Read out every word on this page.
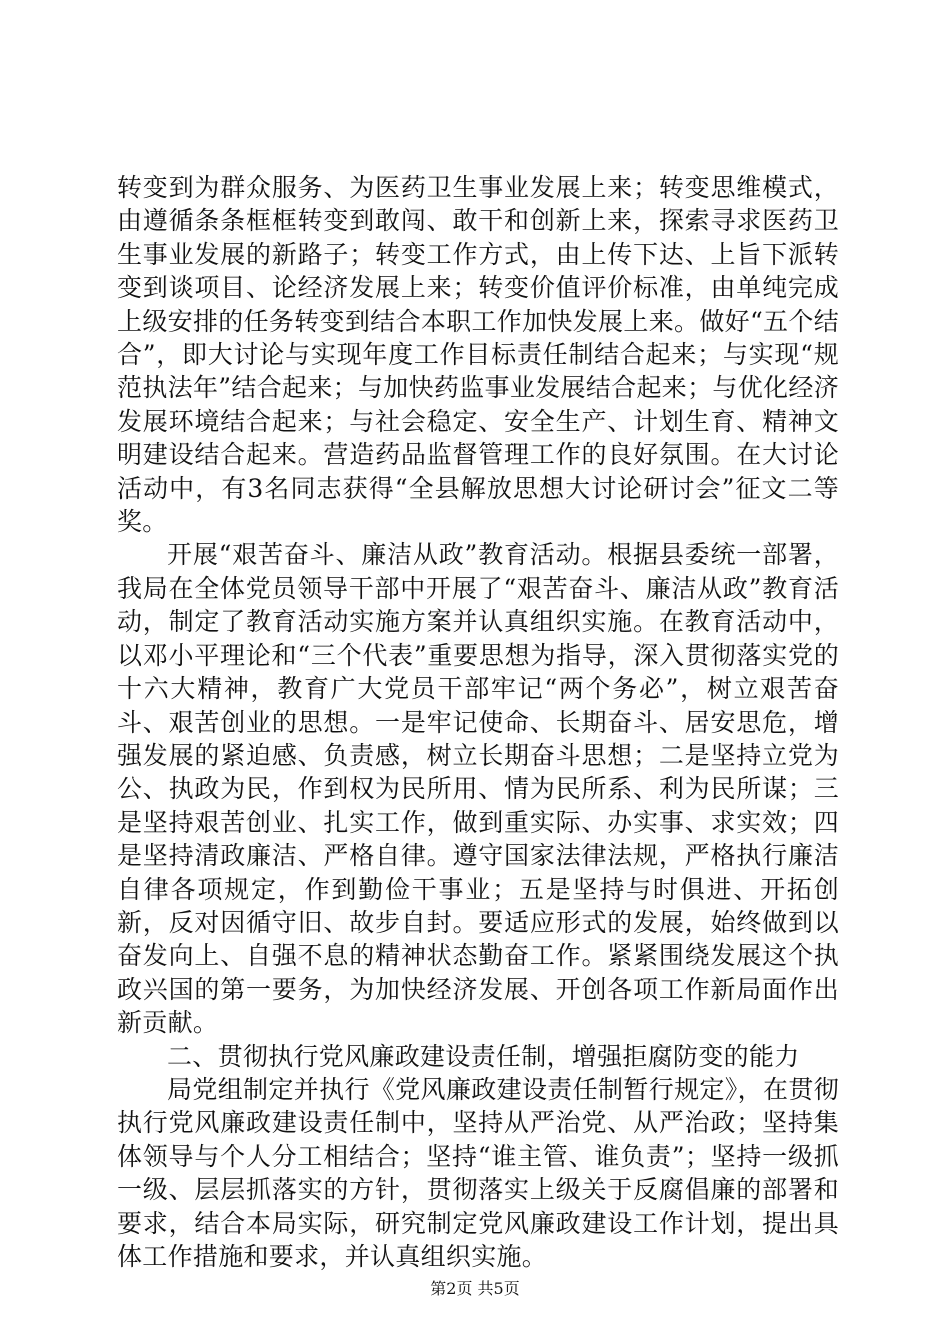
转变到为群众服务、为医药卫生事业发展上来；转变思维模式，由遵循条条框框转变到敢闯、敢干和创新上来，探索寻求医药卫生事业发展的新路子；转变工作方式，由上传下达、上旨下派转变到谈项目、论经济发展上来；转变价值评价标准，由单纯完成上级安排的任务转变到结合本职工作加快发展上来。做好“五个结合”，即大讨论与实现年度工作目标责任制结合起来；与实现“规范执法年”结合起来；与加快药监事业发展结合起来；与优化经济发展环境结合起来；与社会稳定、安全生产、计划生育、精神文明建设结合起来。营造药品监督管理工作的良好氛围。在大讨论活动中，有3名同志获得“全县解放思想大讨论研讨会”征文二等奖。

开展“艰苦奋斗、廉洁从政”教育活动。根据县委统一部署，我局在全体党员领导干部中开展了“艰苦奋斗、廉洁从政”教育活动，制定了教育活动实施方案并认真组织实施。在教育活动中，以邓小平理论和“三个代表”重要思想为指导，深入贯彻落实党的十六大精神，教育广大党员干部牢记“两个务必”，树立艰苦奋斗、艰苦创业的思想。一是牢记使命、长期奋斗、居安思危，增强发展的紧迫感、负责感，树立长期奋斗思想；二是坚持立党为公、执政为民，作到权为民所用、情为民所系、利为民所谋；三是坚持艰苦创业、扎实工作，做到重实际、办实事、求实效；四是坚持清政廉洁、严格自律。遵守国家法律法规，严格执行廉洁自律各项规定，作到勤俭干事业；五是坚持与时俱进、开拓创新，反对因循守旧、故步自封。要适应形式的发展，始终做到以奋发向上、自强不息的精神状态勤奋工作。紧紧围绕发展这个执政兴国的第一要务，为加快经济发展、开创各项工作新局面作出新贡献。

二、贯彻执行党风廉政建设责任制，增强拒腐防变的能力

局党组制定并执行《党风廉政建设责任制暂行规定》，在贯彻执行党风廉政建设责任制中，坚持从严治党、从严治政；坚持集体领导与个人分工相结合；坚持“谁主管、谁负责”；坚持一级抓一级、层层抓落实的方针，贯彻落实上级关于反腐倡廉的部署和要求，结合本局实际，研究制定党风廉政建设工作计划，提出具体工作措施和要求，并认真组织实施。

第2页 共5页
